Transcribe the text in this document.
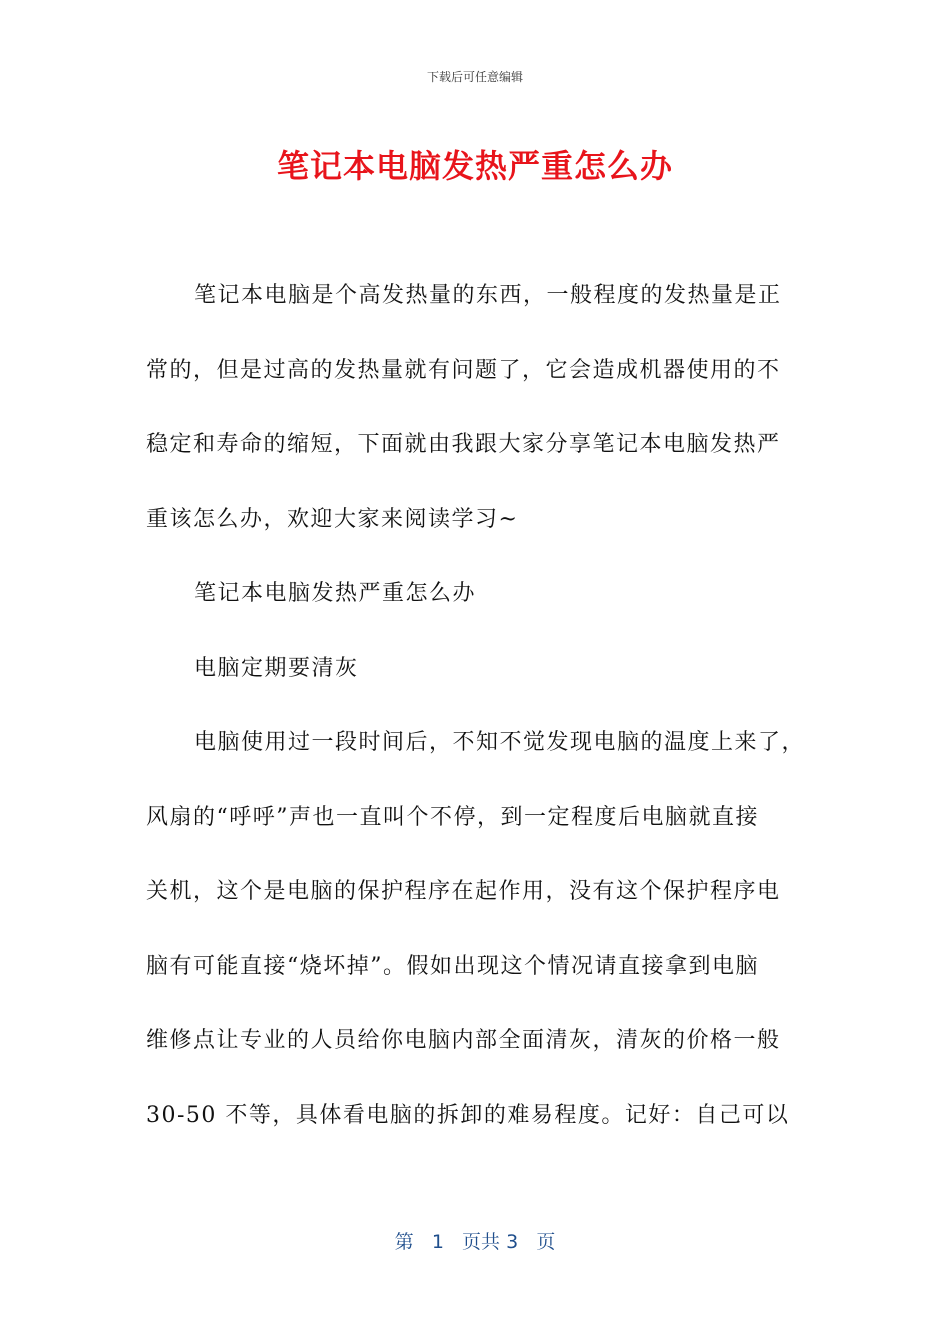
下载后可任意编辑
笔记本电脑发热严重怎么办
笔记本电脑是个高发热量的东西，一般程度的发热量是正
常的，但是过高的发热量就有问题了，它会造成机器使用的不
稳定和寿命的缩短，下面就由我跟大家分享笔记本电脑发热严
重该怎么办，欢迎大家来阅读学习~
笔记本电脑发热严重怎么办
电脑定期要清灰
电脑使用过一段时间后，不知不觉发现电脑的温度上来了，
风扇的“呼呼”声也一直叫个不停，到一定程度后电脑就直接
关机，这个是电脑的保护程序在起作用，没有这个保护程序电
脑有可能直接“烧坏掉”。假如出现这个情况请直接拿到电脑
维修点让专业的人员给你电脑内部全面清灰，清灰的价格一般
30-50 不等，具体看电脑的拆卸的难易程度。记好：自己可以
第 1 页共 3 页
